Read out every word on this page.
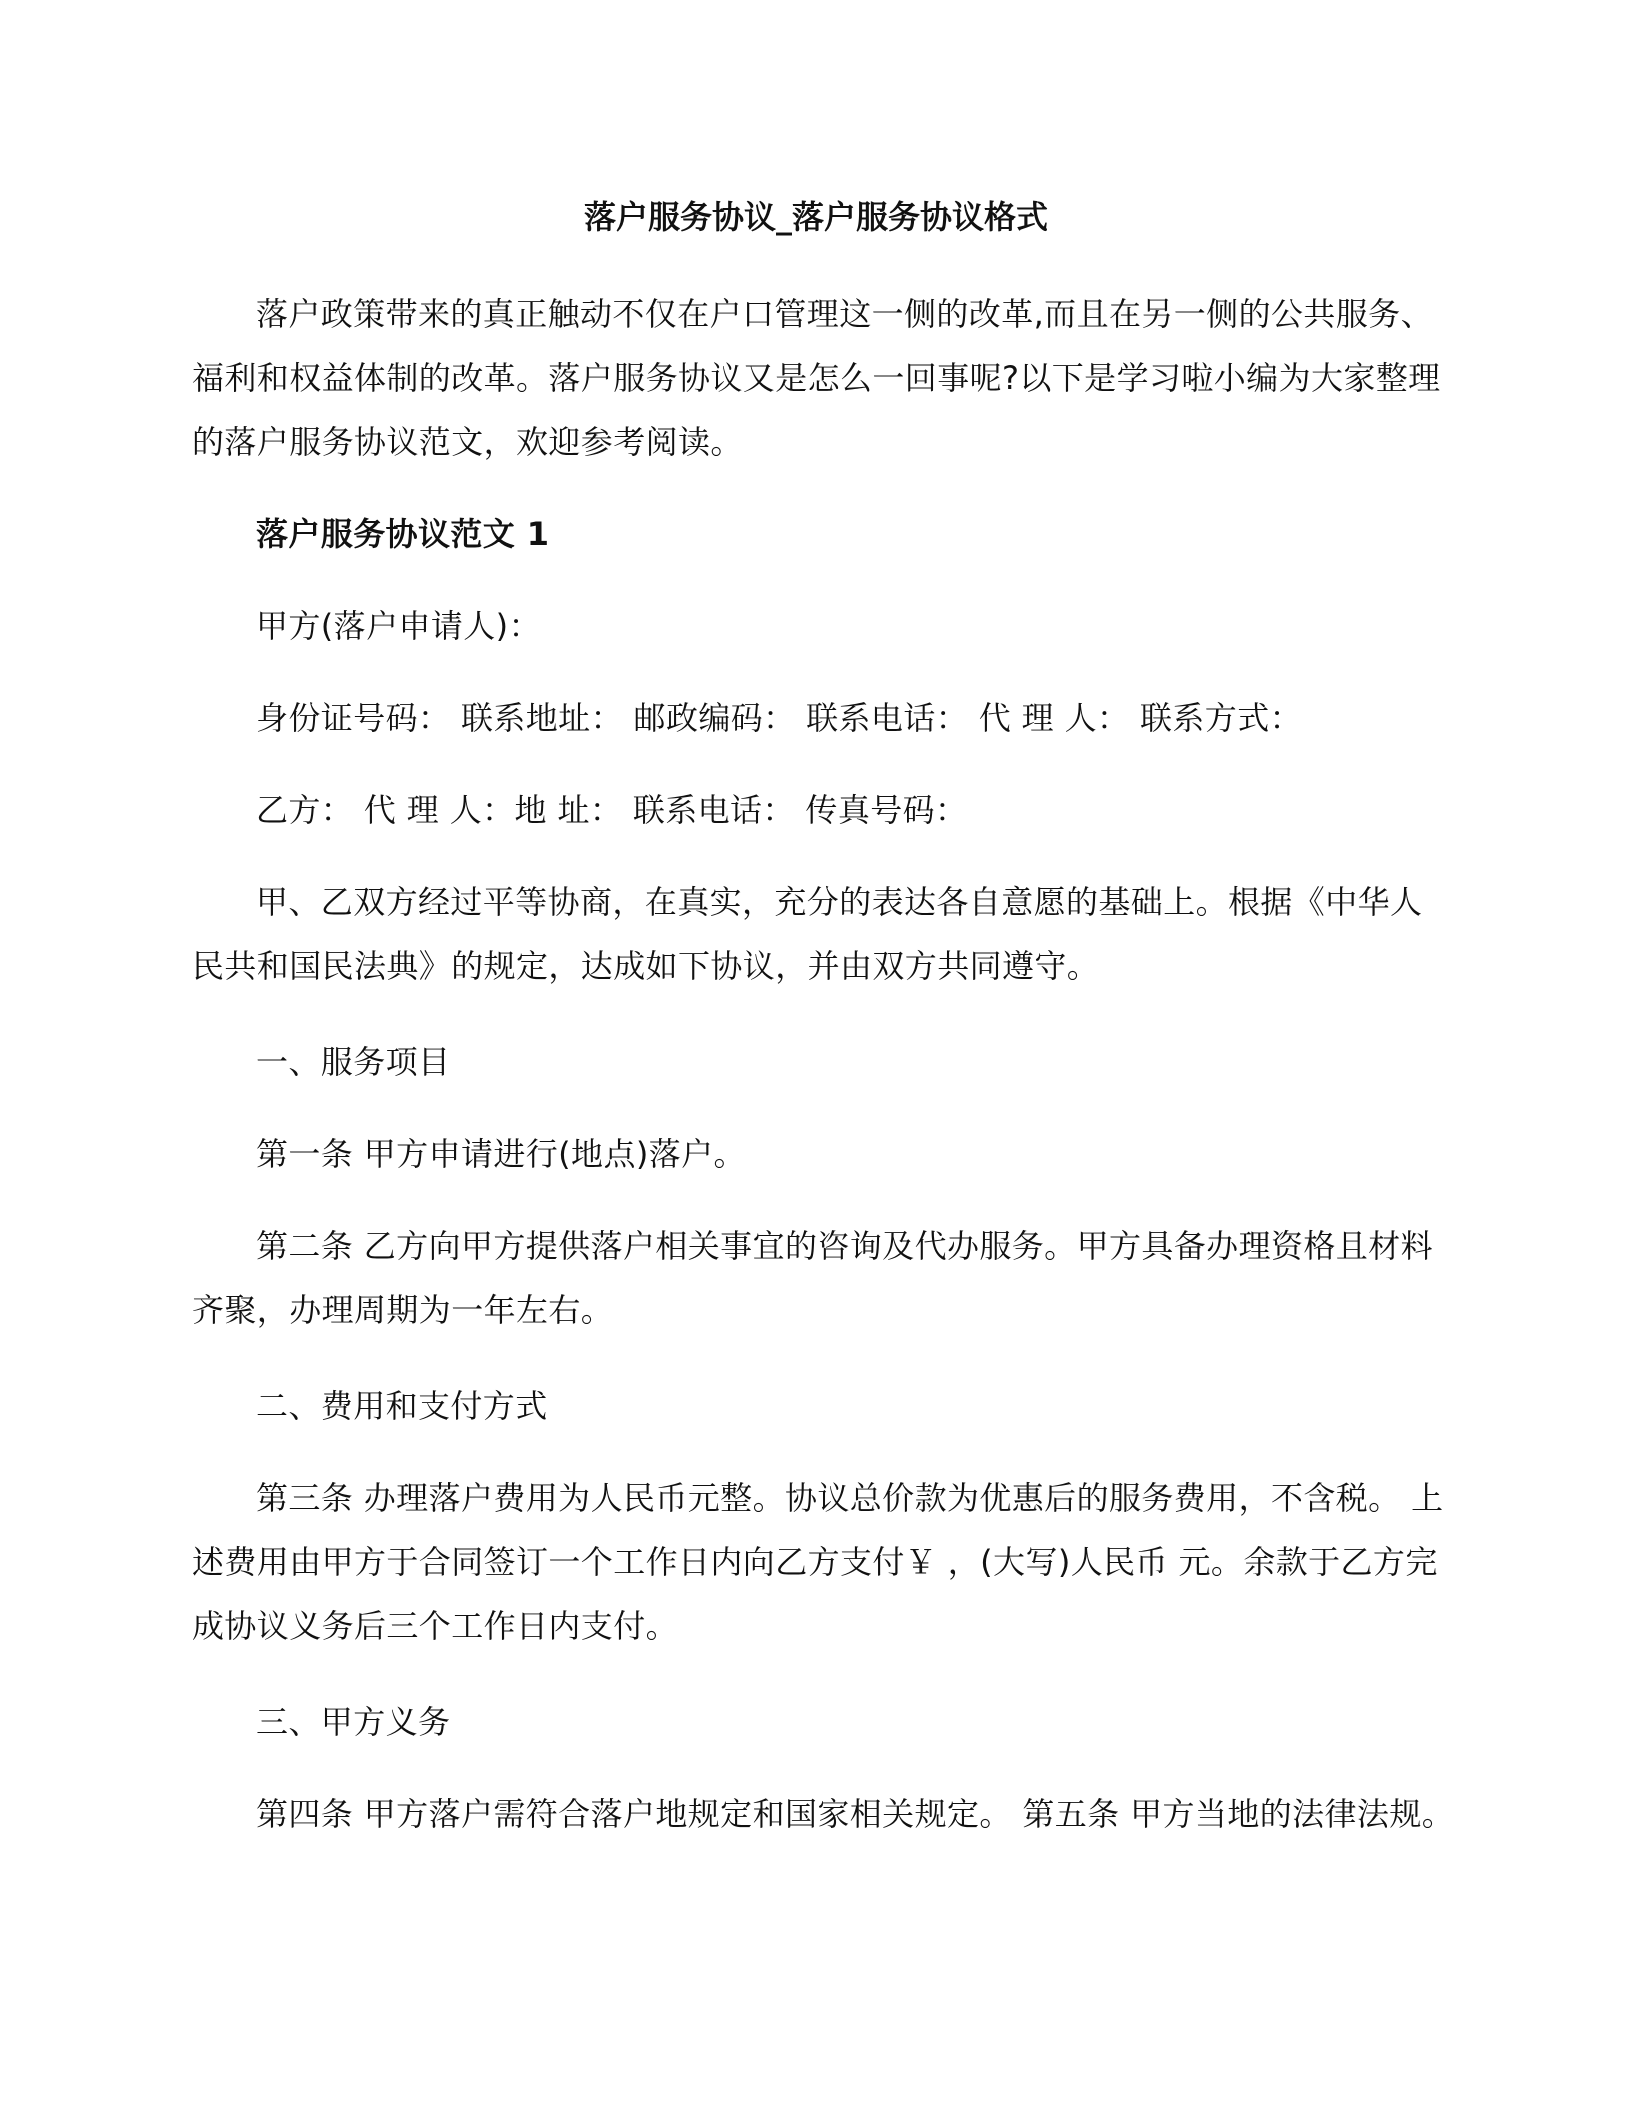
落户服务协议_落户服务协议格式

落户政策带来的真正触动不仅在户口管理这一侧的改革,而且在另一侧的公共服务、福利和权益体制的改革。落户服务协议又是怎么一回事呢?以下是学习啦小编为大家整理的落户服务协议范文，欢迎参考阅读。

落户服务协议范文 1
甲方(落户申请人)：
身份证号码： 联系地址： 邮政编码： 联系电话： 代 理 人： 联系方式：
乙方： 代 理 人：地 址： 联系电话： 传真号码：

甲、乙双方经过平等协商，在真实，充分的表达各自意愿的基础上。根据《中华人民共和国民法典》的规定，达成如下协议，并由双方共同遵守。

一、服务项目
第一条 甲方申请进行(地点)落户。

第二条 乙方向甲方提供落户相关事宜的咨询及代办服务。甲方具备办理资格且材料齐聚，办理周期为一年左右。

二、费用和支付方式

第三条 办理落户费用为人民币元整。协议总价款为优惠后的服务费用，不含税。 上述费用由甲方于合同签订一个工作日内向乙方支付￥ ，(大写)人民币 元。余款于乙方完成协议义务后三个工作日内支付。

三、甲方义务
第四条 甲方落户需符合落户地规定和国家相关规定。 第五条 甲方当地的法律法规。
